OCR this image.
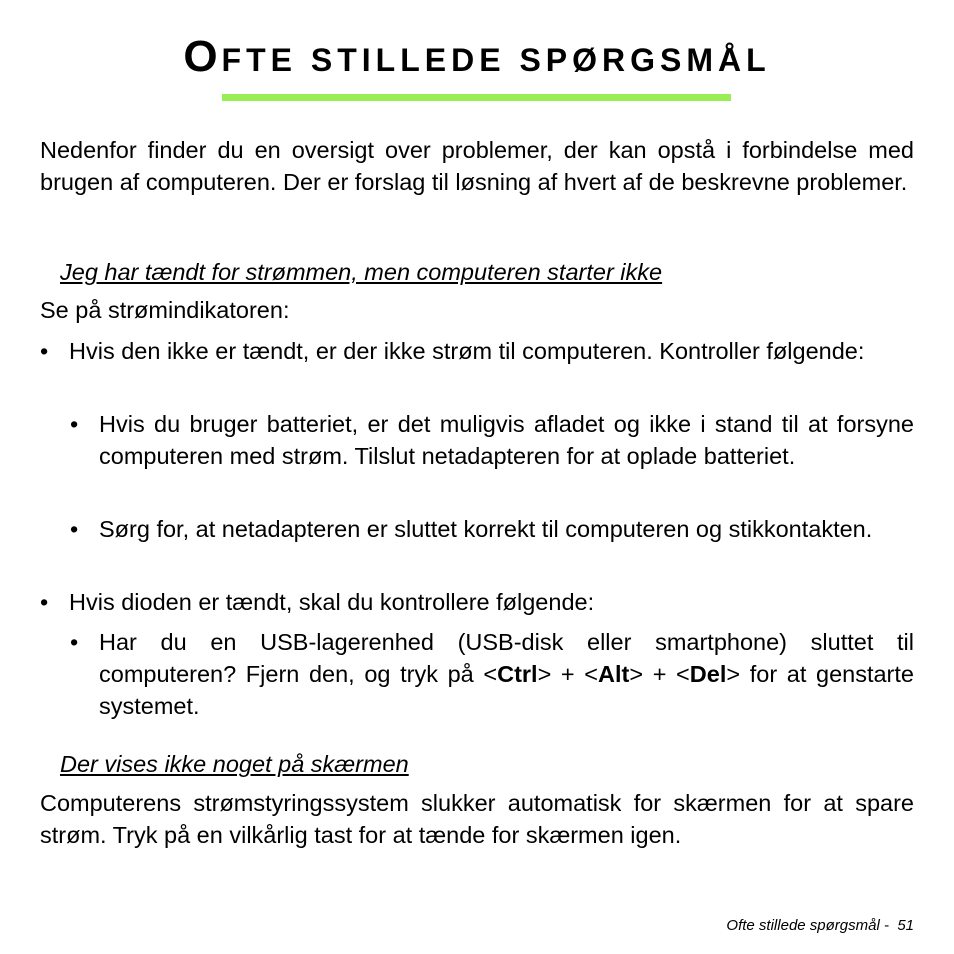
OFTE STILLEDE SPØRGSMÅL
Nedenfor finder du en oversigt over problemer, der kan opstå i forbindelse med brugen af computeren. Der er forslag til løsning af hvert af de beskrevne problemer.
Jeg har tændt for strømmen, men computeren starter ikke
Se på strømindikatoren:
• Hvis den ikke er tændt, er der ikke strøm til computeren. Kontroller følgende:
• Hvis du bruger batteriet, er det muligvis afladet og ikke i stand til at forsyne computeren med strøm. Tilslut netadapteren for at oplade batteriet.
• Sørg for, at netadapteren er sluttet korrekt til computeren og stikkontakten.
• Hvis dioden er tændt, skal du kontrollere følgende:
• Har du en USB-lagerenhed (USB-disk eller smartphone) sluttet til computeren? Fjern den, og tryk på <Ctrl> + <Alt> + <Del> for at genstarte systemet.
Der vises ikke noget på skærmen
Computerens strømstyringssystem slukker automatisk for skærmen for at spare strøm. Tryk på en vilkårlig tast for at tænde for skærmen igen.
Ofte stillede spørgsmål - 51
